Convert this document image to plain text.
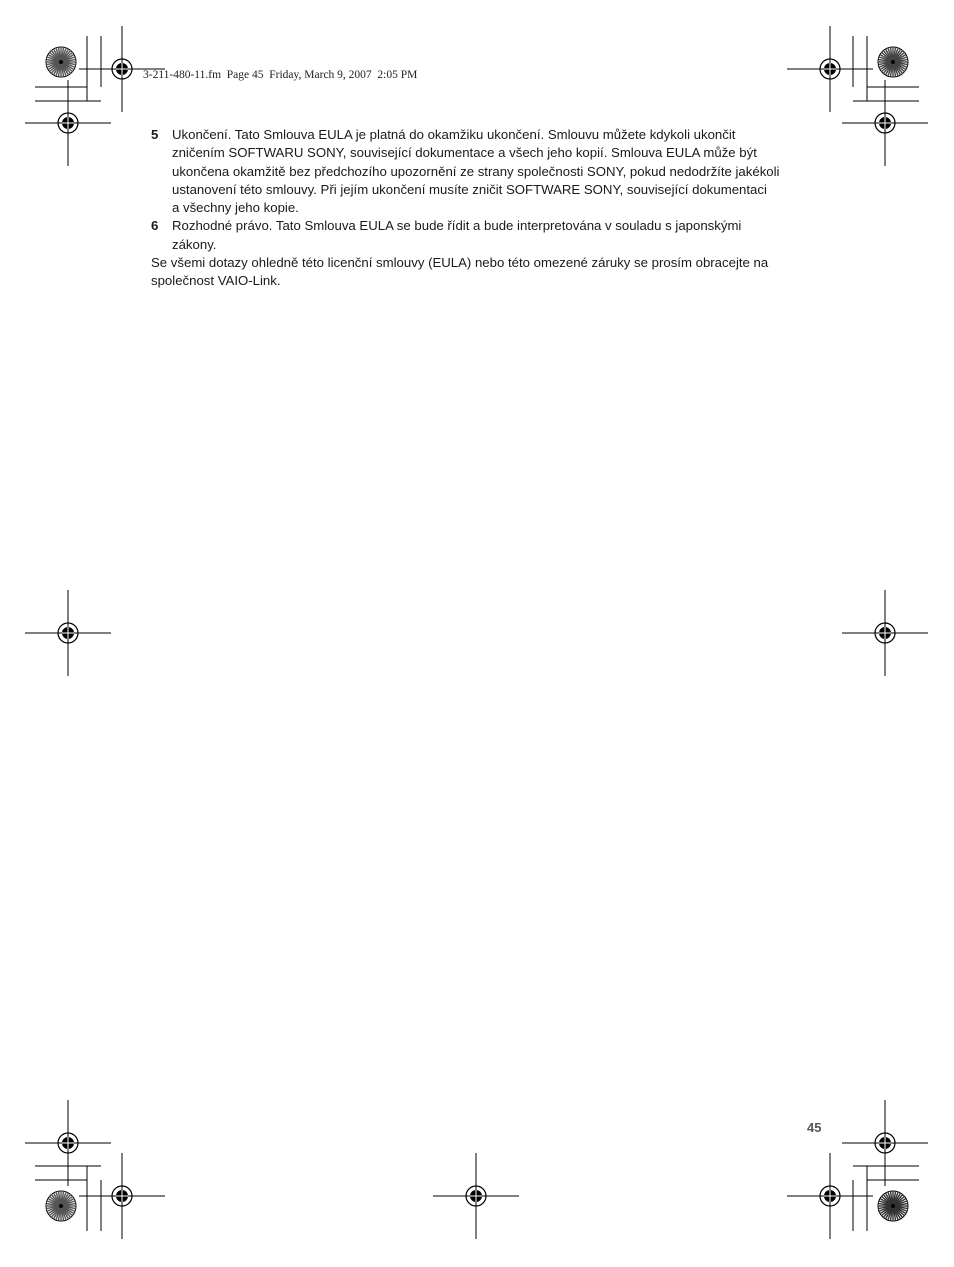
3-211-480-11.fm  Page 45  Friday, March 9, 2007  2:05 PM
5 Ukončení. Tato Smlouva EULA je platná do okamžiku ukončení. Smlouvu můžete kdykoli ukončit
zničením SOFTWARU SONY, související dokumentace a všech jeho kopií. Smlouva EULA může být
ukončena okamžitě bez předchozího upozornění ze strany společnosti SONY, pokud nedodržíte jakékoli
ustanovení této smlouvy. Při jejím ukončení musíte zničit SOFTWARE SONY, související dokumentaci
a všechny jeho kopie.
6 Rozhodné právo. Tato Smlouva EULA se bude řídit a bude interpretována v souladu s japonskými
zákony.
Se všemi dotazy ohledně této licenční smlouvy (EULA) nebo této omezené záruky se prosím obracejte na
společnost VAIO-Link.
45
